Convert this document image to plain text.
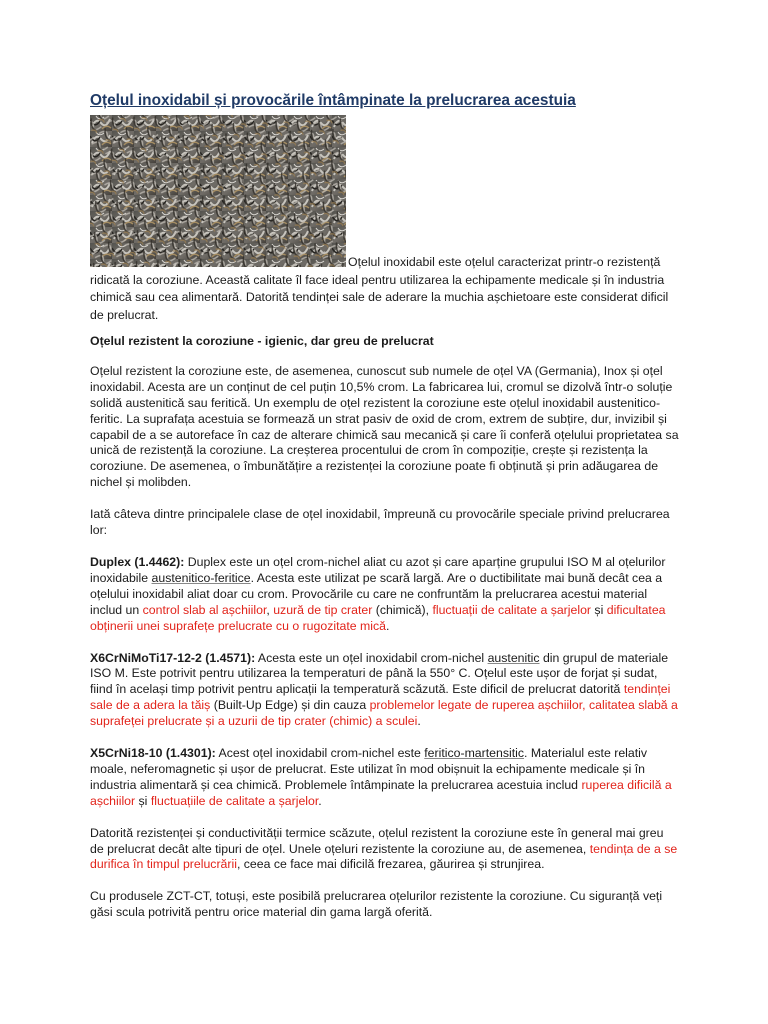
Oțelul inoxidabil și provocările întâmpinate la prelucrarea acestuia

Oțelul inoxidabil este oțelul caracterizat printr-o rezistență ridicată la coroziune. Această calitate îl face ideal pentru utilizarea la echipamente medicale și în industria chimică sau cea alimentară. Datorită tendinței sale de aderare la muchia așchietoare este considerat dificil de prelucrat.

Oțelul rezistent la coroziune - igienic, dar greu de prelucrat

Oțelul rezistent la coroziune este, de asemenea, cunoscut sub numele de oțel VA (Germania), Inox și oțel inoxidabil. Acesta are un conținut de cel puțin 10,5% crom. La fabricarea lui, cromul se dizolvă într-o soluție solidă austenitică sau feritică. Un exemplu de oțel rezistent la coroziune este oțelul inoxidabil austenitico-feritic. La suprafața acestuia se formează un strat pasiv de oxid de crom, extrem de subțire, dur, invizibil și capabil de a se autoreface în caz de alterare chimică sau mecanică și care îi conferă oțelului proprietatea sa unică de rezistență la coroziune. La creșterea procentului de crom în compoziție, crește și rezistența la coroziune. De asemenea, o îmbunătățire a rezistenței la coroziune poate fi obținută și prin adăugarea de nichel și molibden.

Iată câteva dintre principalele clase de oțel inoxidabil, împreună cu provocările speciale privind prelucrarea lor:

Duplex (1.4462): Duplex este un oțel crom-nichel aliat cu azot și care aparține grupului ISO M al oțelurilor inoxidabile austenitico-feritice. Acesta este utilizat pe scară largă. Are o ductibilitate mai bună decât cea a oțelului inoxidabil aliat doar cu crom. Provocările cu care ne confruntăm la prelucrarea acestui material includ un control slab al așchiilor, uzură de tip crater (chimică), fluctuații de calitate a șarjelor și dificultatea obținerii unei suprafețe prelucrate cu o rugozitate mică.

X6CrNiMoTi17-12-2 (1.4571): Acesta este un oțel inoxidabil crom-nichel austenitic din grupul de materiale ISO M. Este potrivit pentru utilizarea la temperaturi de până la 550° C. Oțelul este ușor de forjat și sudat, fiind în același timp potrivit pentru aplicații la temperatură scăzută. Este dificil de prelucrat datorită tendinței sale de a adera la tăiș (Built-Up Edge) și din cauza problemelor legate de ruperea așchiilor, calitatea slabă a suprafeței prelucrate și a uzurii de tip crater (chimic) a sculei.

X5CrNi18-10 (1.4301): Acest oțel inoxidabil crom-nichel este feritico-martensitic. Materialul este relativ moale, neferomagnetic și ușor de prelucrat. Este utilizat în mod obișnuit la echipamente medicale și în industria alimentară și cea chimică. Problemele întâmpinate la prelucrarea acestuia includ ruperea dificilă a așchiilor și fluctuațiile de calitate a șarjelor.

Datorită rezistenței și conductivității termice scăzute, oțelul rezistent la coroziune este în general mai greu de prelucrat decât alte tipuri de oțel. Unele oțeluri rezistente la coroziune au, de asemenea, tendința de a se durifica în timpul prelucrării, ceea ce face mai dificilă frezarea, găurirea și strunjirea.

Cu produsele ZCT-CT, totuși, este posibilă prelucrarea oțelurilor rezistente la coroziune. Cu siguranță veți găsi scula potrivită pentru orice material din gama largă oferită.
